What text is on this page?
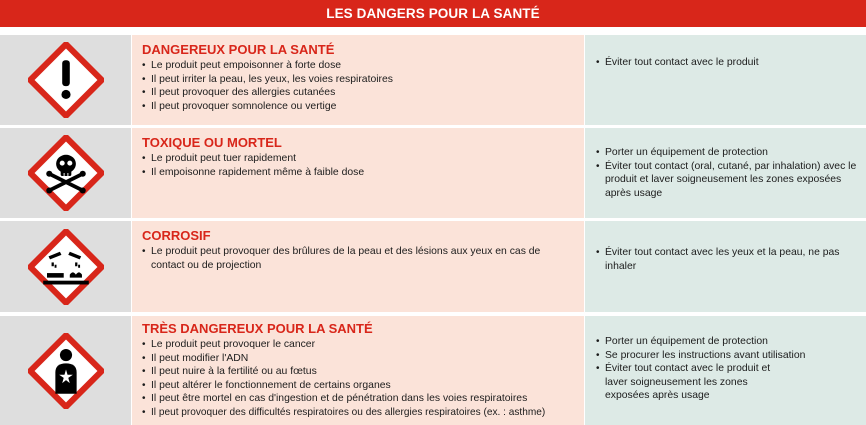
LES DANGERS POUR LA SANTÉ
DANGEREUX POUR LA SANTÉ
• Le produit peut empoisonner à forte dose
• Il peut irriter la peau, les yeux, les voies respiratoires
• Il peut provoquer des allergies cutanées
• Il peut provoquer somnolence ou vertige
• Éviter tout contact avec le produit
TOXIQUE OU MORTEL
• Le produit peut tuer rapidement
• Il empoisonne rapidement même à faible dose
• Porter un équipement de protection
• Éviter tout contact (oral, cutané, par inhalation) avec le produit et laver soigneusement les zones exposées après usage
CORROSIF
• Le produit peut provoquer des brûlures de la peau et des lésions aux yeux en cas de contact ou de projection
• Éviter tout contact avec les yeux et la peau, ne pas inhaler
TRÈS DANGEREUX POUR LA SANTÉ
• Le produit peut provoquer le cancer
• Il peut modifier l'ADN
• Il peut nuire à la fertilité ou au fœtus
• Il peut altérer le fonctionnement de certains organes
• Il peut être mortel en cas d'ingestion et de pénétration dans les voies respiratoires
• Il peut provoquer des difficultés respiratoires ou des allergies respiratoires (ex. : asthme)
• Porter un équipement de protection
• Se procurer les instructions avant utilisation
• Éviter tout contact avec le produit et laver soigneusement les zones exposées après usage
